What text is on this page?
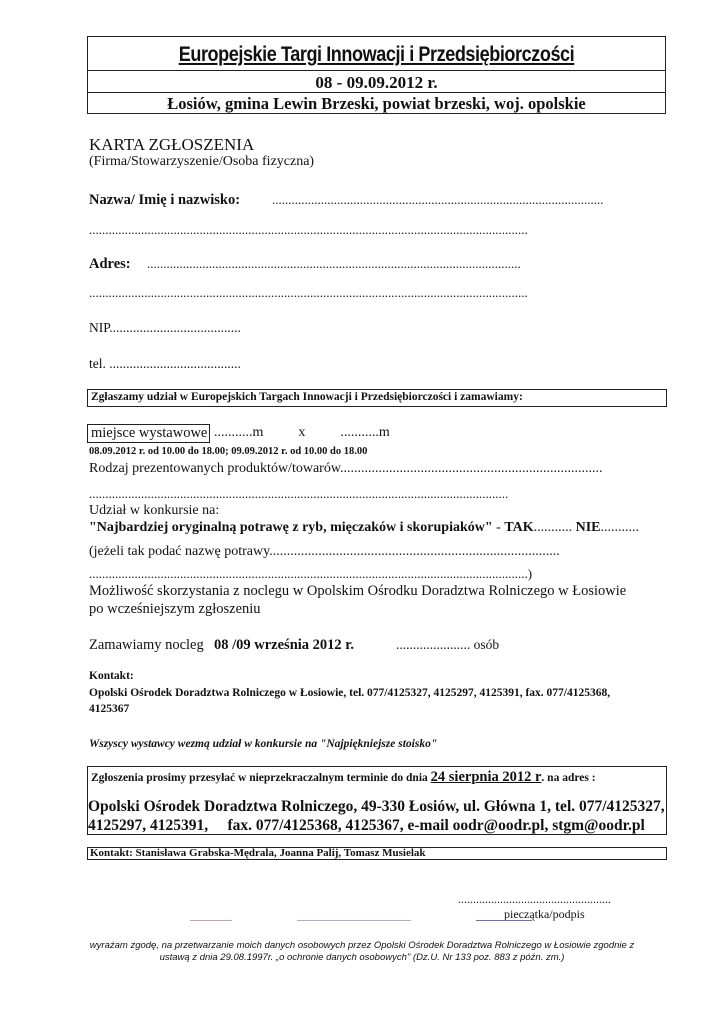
Europejskie Targi Innowacji i Przedsiębiorczości
08 - 09.09.2012 r.
Łosiów, gmina Lewin Brzeski, powiat brzeski, woj. opolskie
KARTA ZGŁOSZENIA
(Firma/Stowarzyszenie/Osoba fizyczna)
Nazwa/ Imię i nazwisko: ......................................................................................................
.......................................................................................................................................
Adres: ...................................................................................................................
.......................................................................................................................................
NIP.......................................
tel. .......................................
Zgłaszamy udział w Europejskich Targach Innowacji i Przedsiębiorczości i zamawiamy:
miejsce wystawowe ...........m          x          ...........m
08.09.2012 r. od 10.00 do 18.00; 09.09.2012 r. od 10.00 do 18.00
Rodzaj prezentowanych produktów/towarów...........................................................................
.................................................................................................................................
Udział w konkursie na:
"Najbardziej oryginalną potrawę z ryb, mięczaków i skorupiaków" - TAK........... NIE...........
(jeżeli tak podać nazwę potrawy...................................................................................
.......................................................................................................................................)
Możliwość skorzystania z noclegu w Opolskim Ośrodku Doradztwa Rolniczego w Łosiowie
po wcześniejszym zgłoszeniu
Zamawiamy nocleg 08 /09 września 2012 r.	...................... osób
Kontakt:
Opolski Ośrodek Doradztwa Rolniczego w Łosiowie, tel. 077/4125327, 4125297, 4125391, fax. 077/4125368,
4125367
Wszyscy wystawcy wezmą udział w konkursie na "Najpiękniejsze stoisko"
Zgłoszenia prosimy przesyłać w nieprzekraczalnym terminie do dnia 24 sierpnia 2012 r. na adres :
Opolski Ośrodek Doradztwa Rolniczego, 49-330 Łosiów, ul. Główna 1, tel. 077/4125327,
4125297, 4125391,     fax. 077/4125368, 4125367, e-mail oodr@oodr.pl, stgm@oodr.pl
Kontakt: Stanisława Grabska-Mędrala, Joanna Palij, Tomasz Musielak
...................................................
pieczątka/podpis
wyrażam zgodę, na przetwarzanie moich danych osobowych przez Opolski Ośrodek Doradztwa Rolniczego w Łosiowie zgodnie z
ustawą z dnia 29.08.1997r. „o ochronie danych osobowych" (Dz.U. Nr 133 poz. 883 z późn. zm.)
